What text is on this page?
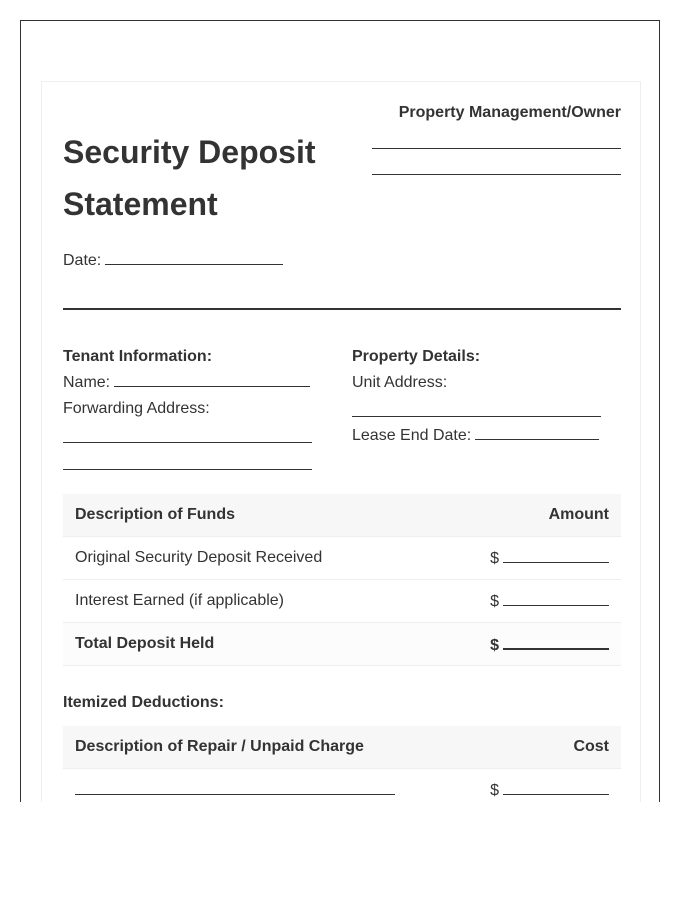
Security Deposit Statement
Property Management/Owner
Date:
Tenant Information:
Name:
Forwarding Address:
Property Details:
Unit Address:
Lease End Date:
Description of Funds	Amount
Original Security Deposit Received	$
Interest Earned (if applicable)	$
Total Deposit Held	$
Itemized Deductions:
Description of Repair / Unpaid Charge	Cost
	$
